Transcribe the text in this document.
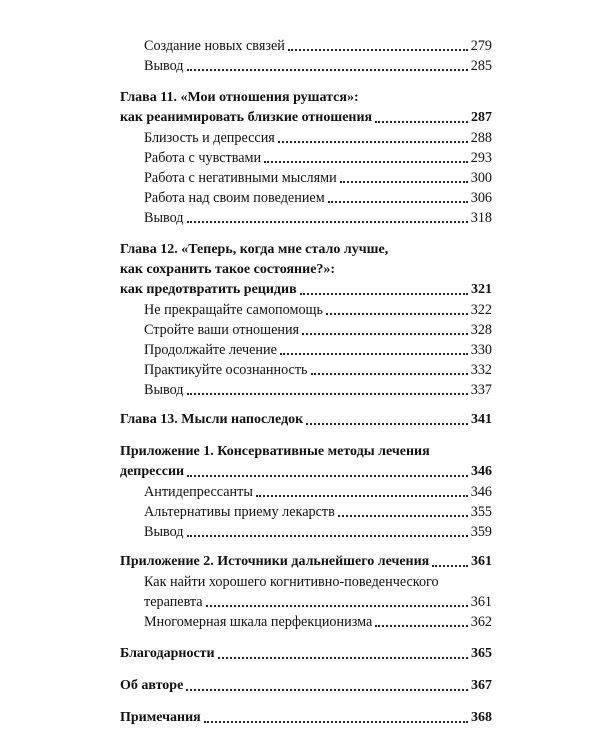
Создание новых связей	279
Вывод	285
Глава 11. «Мои отношения рушатся»:
как реанимировать близкие отношения	287
Близость и депрессия	288
Работа с чувствами	293
Работа с негативными мыслями	300
Работа над своим поведением	306
Вывод	318
Глава 12. «Теперь, когда мне стало лучше,
как сохранить такое состояние?»:
как предотвратить рецидив	321
Не прекращайте самопомощь	322
Стройте ваши отношения	328
Продолжайте лечение	330
Практикуйте осознанность	332
Вывод	337
Глава 13. Мысли напоследок	341
Приложение 1. Консервативные методы лечения
депрессии	346
Антидепрессанты	346
Альтернативы приему лекарств	355
Вывод	359
Приложение 2. Источники дальнейшего лечения	361
Как найти хорошего когнитивно-поведенческого
терапевта	361
Многомерная шкала перфекционизма	362
Благодарности	365
Об авторе	367
Примечания	368
